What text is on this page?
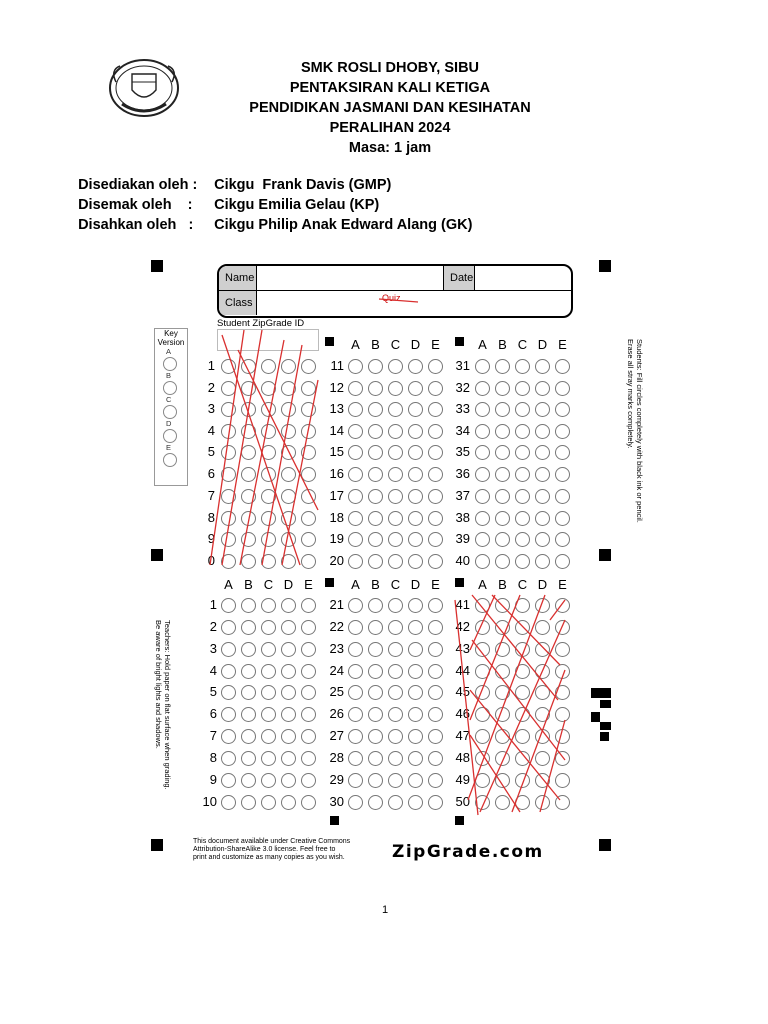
SMK ROSLI DHOBY, SIBU
PENTAKSIRAN KALI KETIGA
PENDIDIKAN JASMANI DAN KESIHATAN
PERALIHAN 2024
Masa: 1 jam

Disediakan oleh : Cikgu  Frank Davis (GMP)

Disemak oleh    : Cikgu Emilia Gelau (KP)

Disahkan oleh   : Cikgu Philip Anak Edward Alang (GK)

Name	Date
Class	Quiz
Student ZipGrade ID
Key Version
A
B
C
D
E
1
2
3
4
5
6
7
8
9
0
A B C D E
11
12
13
14
15
16
17
18
19
20
A B C D E
31
32
33
34
35
36
37
38
39
40
A B C D E
1
2
3
4
5
6
7
8
9
10
A B C D E
21
22
23
24
25
26
27
28
29
30
A B C D E
41
42
43
44
45
46
47
48
49
50
Students: Fill circles completely with black ink or pencil.
Erase all stray marks completely.
Teachers: Hold paper on flat surface when grading.
Be aware of bright lights and shadows.
This document available under Creative Commons
Attribution-ShareAlike 3.0 license. Feel free to
print and customize as many copies as you wish.	ZipGrade.com
1
